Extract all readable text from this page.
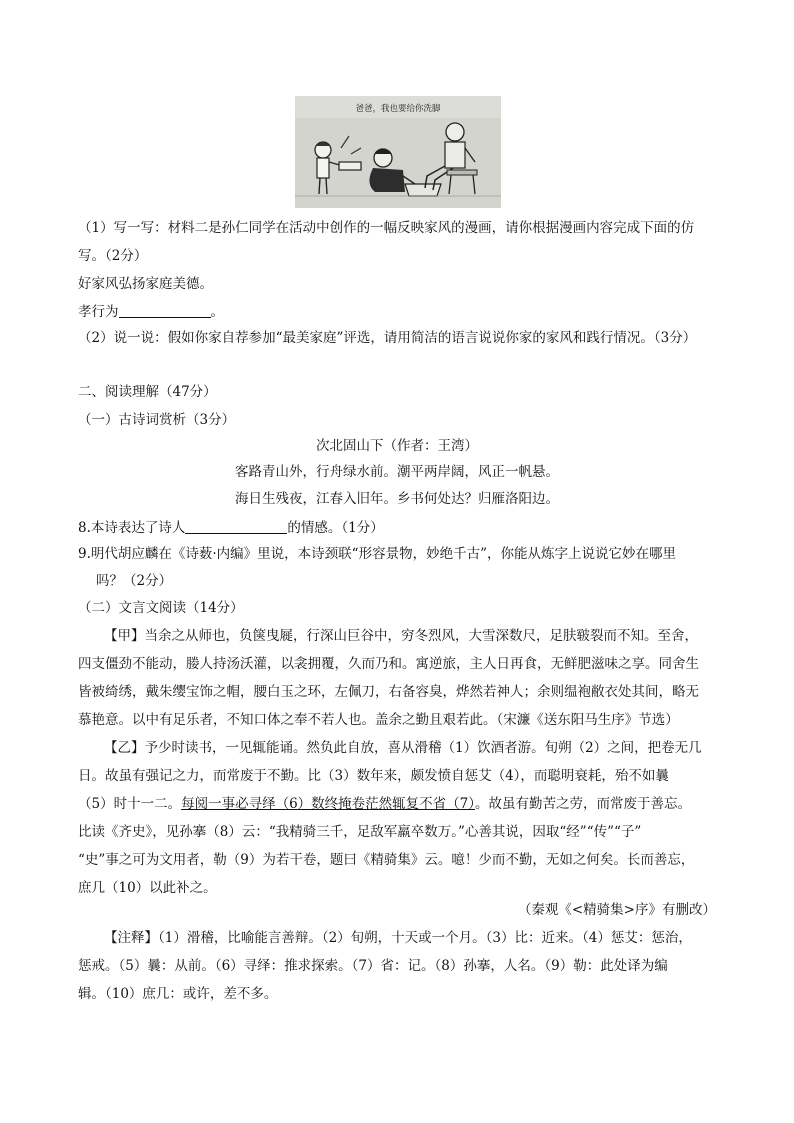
爸爸，我也要给你洗脚
（1）写一写：材料二是孙仁同学在活动中创作的一幅反映家风的漫画，请你根据漫画内容完成下面的仿
写。（2分）
好家风弘扬家庭美德。
孝行为	。
（2）说一说：假如你家自荐参加“最美家庭”评选，请用简洁的语言说说你家的家风和践行情况。（3分）
二、阅读理解（47分）
（一）古诗词赏析（3分）
次北固山下（作者：王湾）
客路青山外，行舟绿水前。潮平两岸阔，风正一帆悬。
海日生残夜，江春入旧年。乡书何处达？归雁洛阳边。
8.本诗表达了诗人	的情感。（1分）
9.明代胡应麟在《诗薮·内编》里说，本诗颈联“形容景物，妙绝千古”，你能从炼字上说说它妙在哪里
吗？（2分）
（二）文言文阅读（14分）
【甲】当余之从师也，负箧曳屣，行深山巨谷中，穷冬烈风，大雪深数尺，足肤皲裂而不知。至舍，
四支僵劲不能动，媵人持汤沃灌，以衾拥覆，久而乃和。寓逆旅，主人日再食，无鲜肥滋味之享。同舍生
皆被绮绣，戴朱缨宝饰之帽，腰白玉之环，左佩刀，右备容臭，烨然若神人；余则缊袍敝衣处其间，略无
慕艳意。以中有足乐者，不知口体之奉不若人也。盖余之勤且艰若此。（宋濂《送东阳马生序》节选）
【乙】予少时读书，一见辄能诵。然负此自放，喜从滑稽（1）饮酒者游。旬朔（2）之间，把卷无几
日。故虽有强记之力，而常废于不勤。比（3）数年来，颇发愤自惩艾（4），而聪明衰耗，殆不如曩
（5）时十一二。每阅一事必寻绎（6）数终掩卷茫然辄复不省（7）。故虽有勤苦之劳，而常废于善忘。
比读《齐史》，见孙搴（8）云：“我精骑三千，足敌军羸卒数万。”心善其说，因取“经”“传”“子”
“史”事之可为文用者，勒（9）为若干卷，题曰《精骑集》云。噫！少而不勤，无如之何矣。长而善忘，
庶几（10）以此补之。
（秦观《<精骑集>序》有删改）
【注释】（1）滑稽，比喻能言善辩。（2）旬朔，十天或一个月。（3）比：近来。（4）惩艾：惩治，
惩戒。（5）曩：从前。（6）寻绎：推求探索。（7）省：记。（8）孙搴，人名。（9）勒：此处译为编
辑。（10）庶几：或许，差不多。
